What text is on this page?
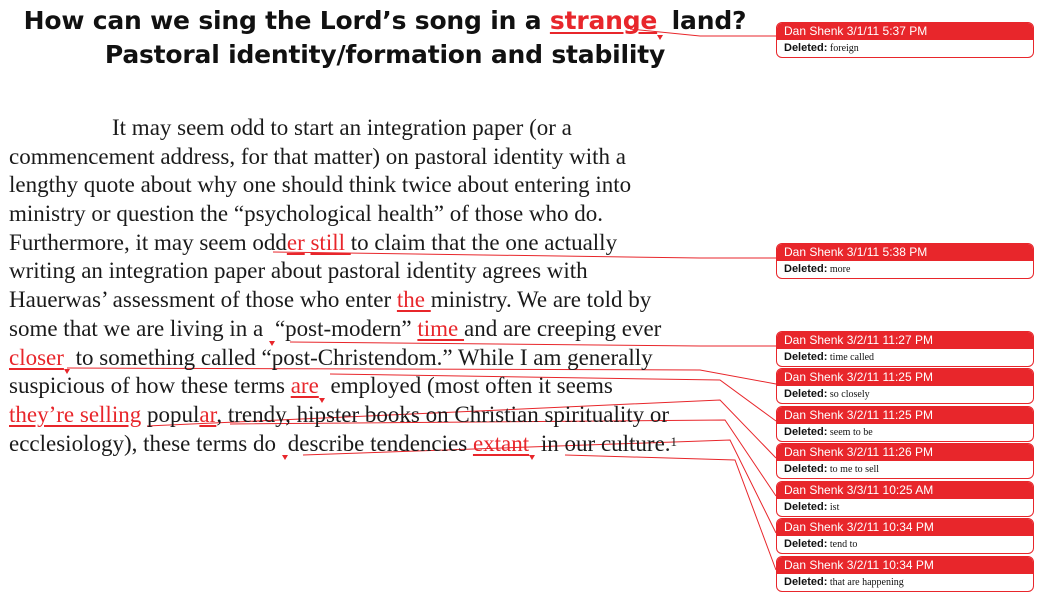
How can we sing the Lord’s song in a strange land?
Pastoral identity/formation and stability
It may seem odd to start an integration paper (or a
commencement address, for that matter) on pastoral identity with a
lengthy quote about why one should think twice about entering into
ministry or question the “psychological health” of those who do.
Furthermore, it may seem odder still to claim that the one actually
writing an integration paper about pastoral identity agrees with
Hauerwas’ assessment of those who enter the ministry. We are told by
some that we are living in a “post-modern” time and are creeping ever
closer to something called “post-Christendom.” While I am generally
suspicious of how these terms are employed (most often it seems
they’re selling popular, trendy, hipster books on Christian spirituality or
ecclesiology), these terms do describe tendencies extant in our culture.$^1$
Dan Shenk 3/1/11 5:37 PM
Deleted: foreign
Dan Shenk 3/1/11 5:38 PM
Deleted: more
Dan Shenk 3/2/11 11:27 PM
Deleted: time called
Dan Shenk 3/2/11 11:25 PM
Deleted: so closely
Dan Shenk 3/2/11 11:25 PM
Deleted: seem to be
Dan Shenk 3/2/11 11:26 PM
Deleted: to me to sell
Dan Shenk 3/3/11 10:25 AM
Deleted: ist
Dan Shenk 3/2/11 10:34 PM
Deleted: tend to
Dan Shenk 3/2/11 10:34 PM
Deleted: that are happening
